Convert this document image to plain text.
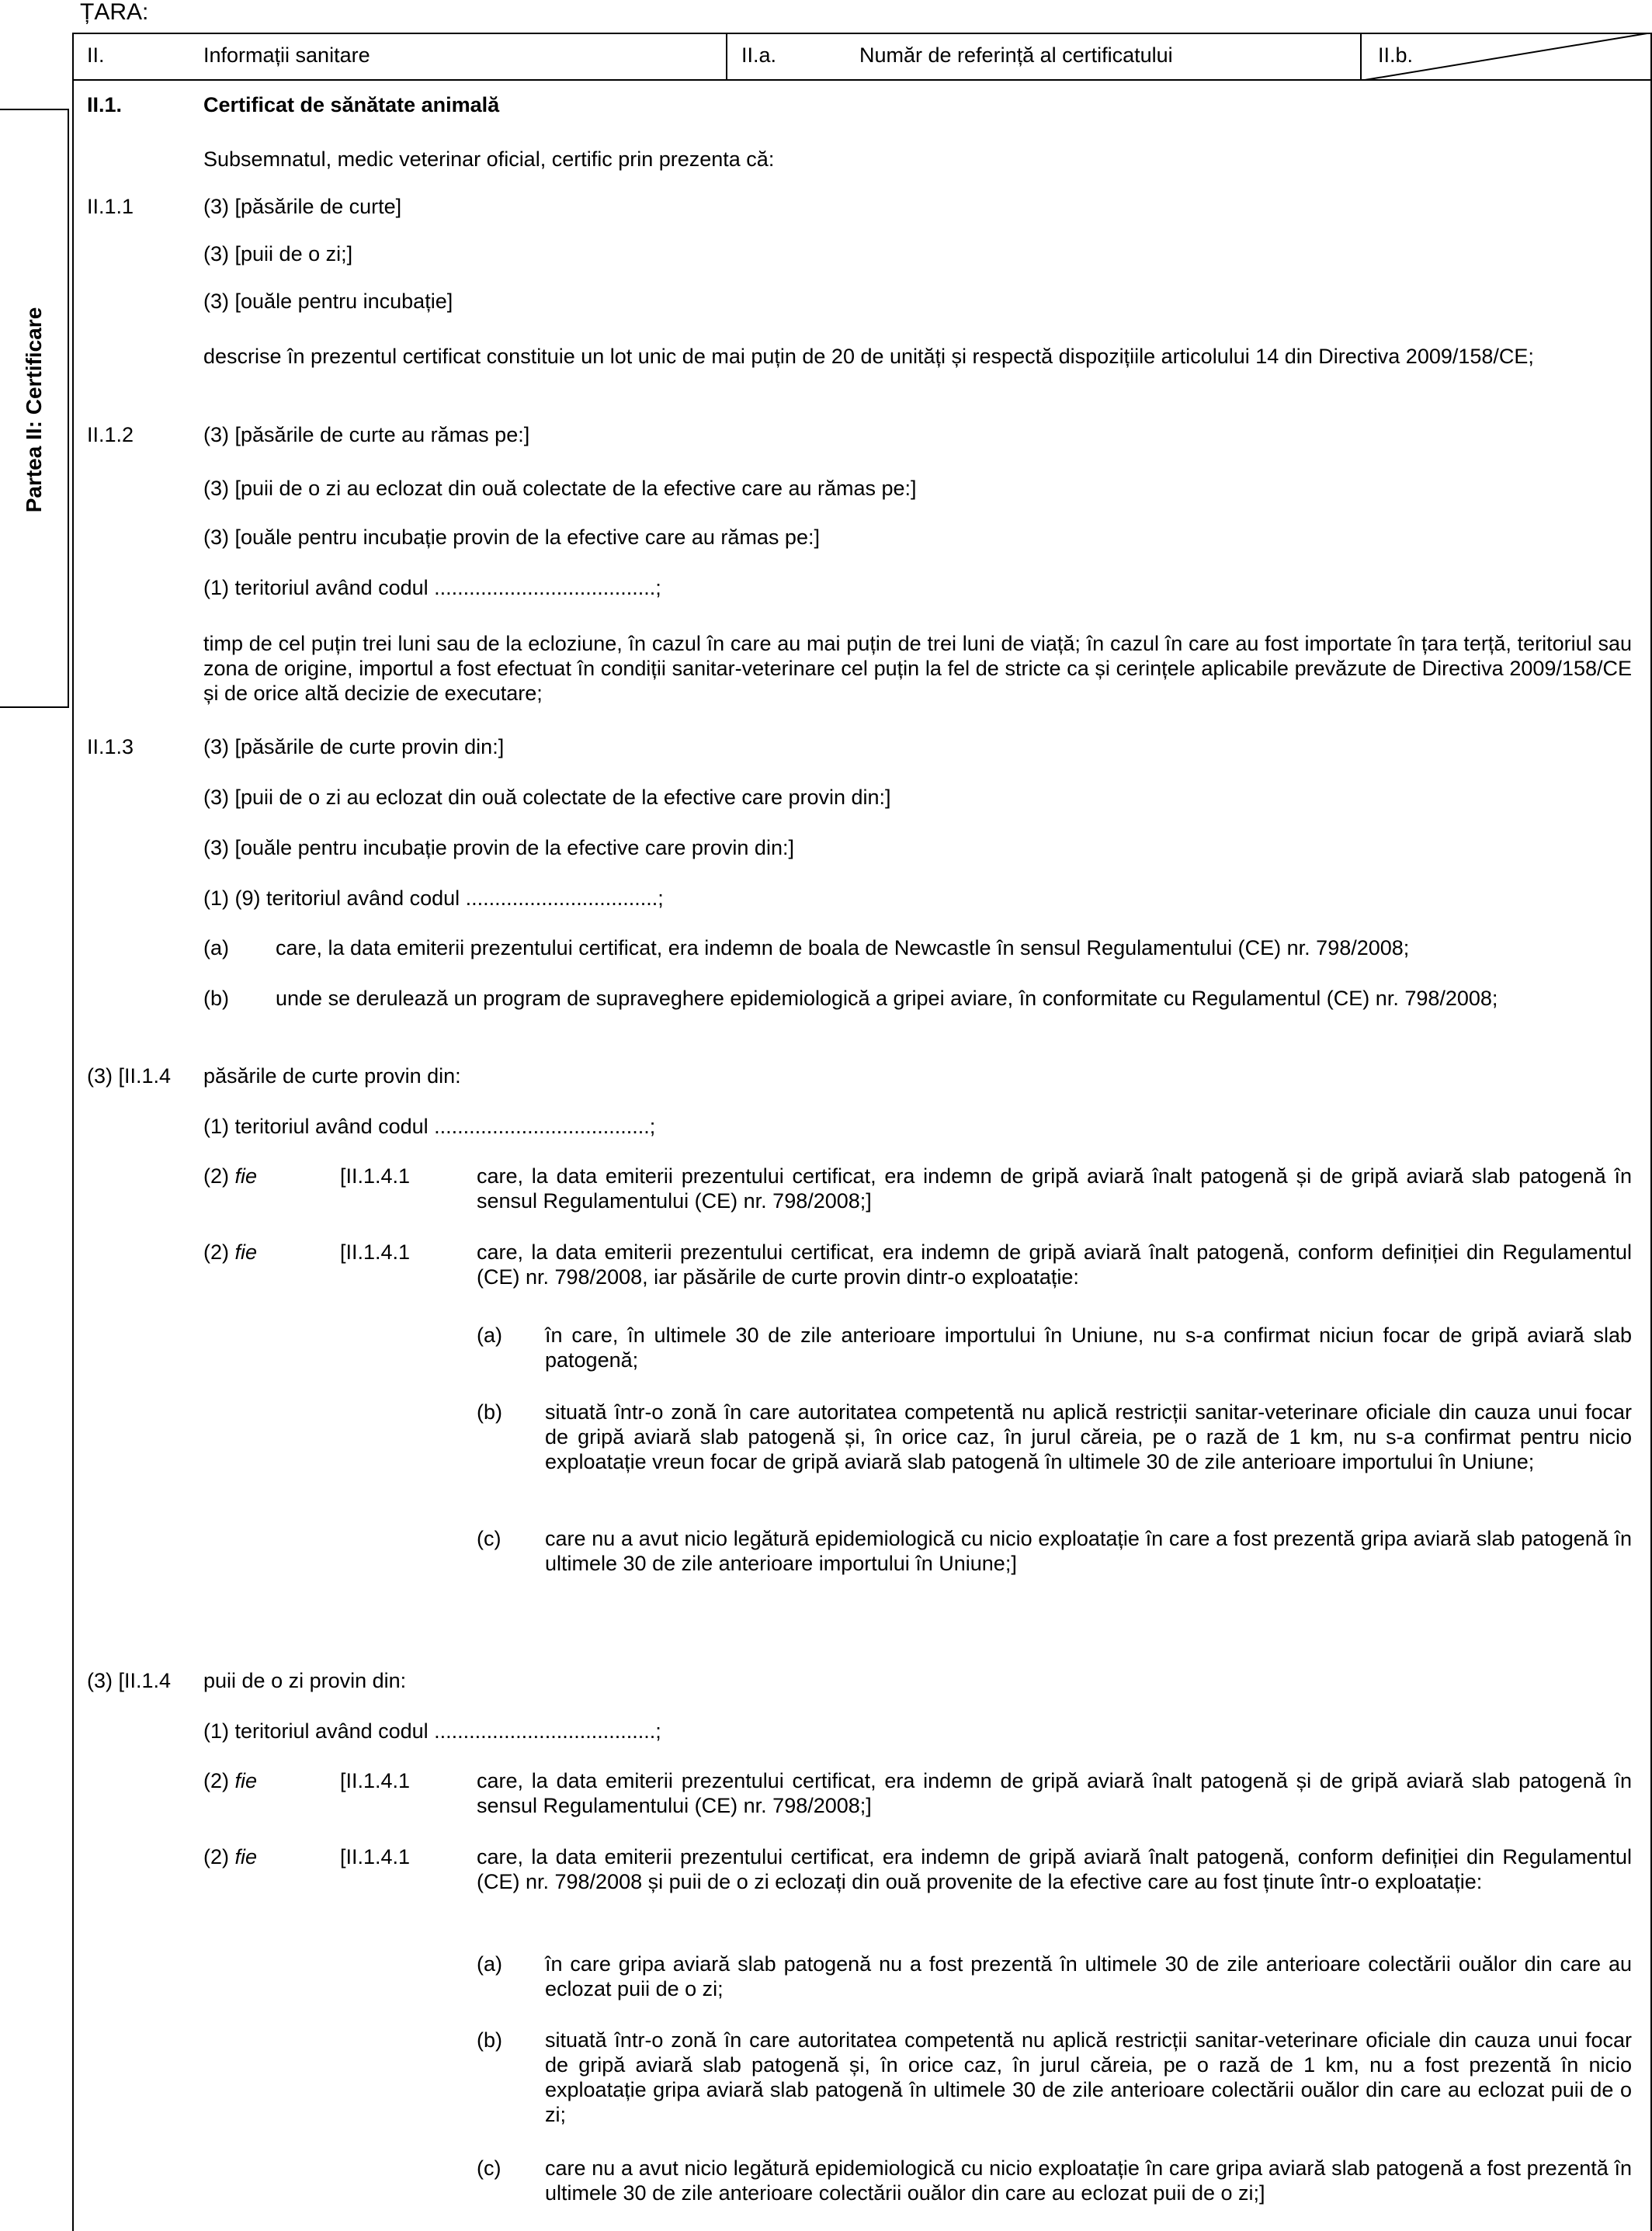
ȚARA:
II.	Informații sanitare	II.a.	Număr de referință al certificatului	II.b.
Partea II: Certificare
II.1.	Certificat de sănătate animală
Subsemnatul, medic veterinar oficial, certific prin prezenta că:
II.1.1	(3) [păsările de curte]
(3) [puii de o zi;]
(3) [ouăle pentru incubație]
descrise în prezentul certificat constituie un lot unic de mai puțin de 20 de unități și respectă dispozițiile articolului 14 din Directiva 2009/158/CE;
II.1.2	(3) [păsările de curte au rămas pe:]
(3) [puii de o zi au eclozat din ouă colectate de la efective care au rămas pe:]
(3) [ouăle pentru incubație provin de la efective care au rămas pe:]
(1) teritoriul având codul ......................................;
timp de cel puțin trei luni sau de la ecloziune, în cazul în care au mai puțin de trei luni de viață; în cazul în care au fost importate în țara terță, teritoriul sau zona de origine, importul a fost efectuat în condiții sanitar-veterinare cel puțin la fel de stricte ca și cerințele aplicabile prevăzute de Directiva 2009/158/CE și de orice altă decizie de executare;
II.1.3	(3) [păsările de curte provin din:]
(3) [puii de o zi au eclozat din ouă colectate de la efective care provin din:]
(3) [ouăle pentru incubație provin de la efective care provin din:]
(1) (9) teritoriul având codul .................................;
(a) care, la data emiterii prezentului certificat, era indemn de boala de Newcastle în sensul Regulamentului (CE) nr. 798/2008;
(b) unde se derulează un program de supraveghere epidemiologică a gripei aviare, în conformitate cu Regulamentul (CE) nr. 798/2008;
(3) [II.1.4 păsările de curte provin din:
(1) teritoriul având codul .....................................;
(2) fie	[II.1.4.1	care, la data emiterii prezentului certificat, era indemn de gripă aviară înalt patogenă și de gripă aviară slab patogenă în sensul Regulamentului (CE) nr. 798/2008;]
(2) fie	[II.1.4.1	care, la data emiterii prezentului certificat, era indemn de gripă aviară înalt patogenă, conform definiției din Regulamentul (CE) nr. 798/2008, iar păsările de curte provin dintr-o exploatație:
(a) în care, în ultimele 30 de zile anterioare importului în Uniune, nu s-a confirmat niciun focar de gripă aviară slab patogenă;
(b) situată într-o zonă în care autoritatea competentă nu aplică restricții sanitar-veterinare oficiale din cauza unui focar de gripă aviară slab patogenă și, în orice caz, în jurul căreia, pe o rază de 1 km, nu s-a confirmat pentru nicio exploatație vreun focar de gripă aviară slab patogenă în ultimele 30 de zile anterioare importului în Uniune;
(c) care nu a avut nicio legătură epidemiologică cu nicio exploatație în care a fost prezentă gripa aviară slab patogenă în ultimele 30 de zile anterioare importului în Uniune;]
(3) [II.1.4 puii de o zi provin din:
(1) teritoriul având codul ......................................;
(2) fie	[II.1.4.1	care, la data emiterii prezentului certificat, era indemn de gripă aviară înalt patogenă și de gripă aviară slab patogenă în sensul Regulamentului (CE) nr. 798/2008;]
(2) fie	[II.1.4.1	care, la data emiterii prezentului certificat, era indemn de gripă aviară înalt patogenă, conform definiției din Regulamentul (CE) nr. 798/2008 și puii de o zi eclozați din ouă provenite de la efective care au fost ținute într-o exploatație:
(a) în care gripa aviară slab patogenă nu a fost prezentă în ultimele 30 de zile anterioare colectării ouălor din care au eclozat puii de o zi;
(b) situată într-o zonă în care autoritatea competentă nu aplică restricții sanitar-veterinare oficiale din cauza unui focar de gripă aviară slab patogenă și, în orice caz, în jurul căreia, pe o rază de 1 km, nu a fost prezentă în nicio exploatație gripa aviară slab patogenă în ultimele 30 de zile anterioare colectării ouălor din care au eclozat puii de o zi;
(c) care nu a avut nicio legătură epidemiologică cu nicio exploatație în care gripa aviară slab patogenă a fost prezentă în ultimele 30 de zile anterioare colectării ouălor din care au eclozat puii de o zi;]
